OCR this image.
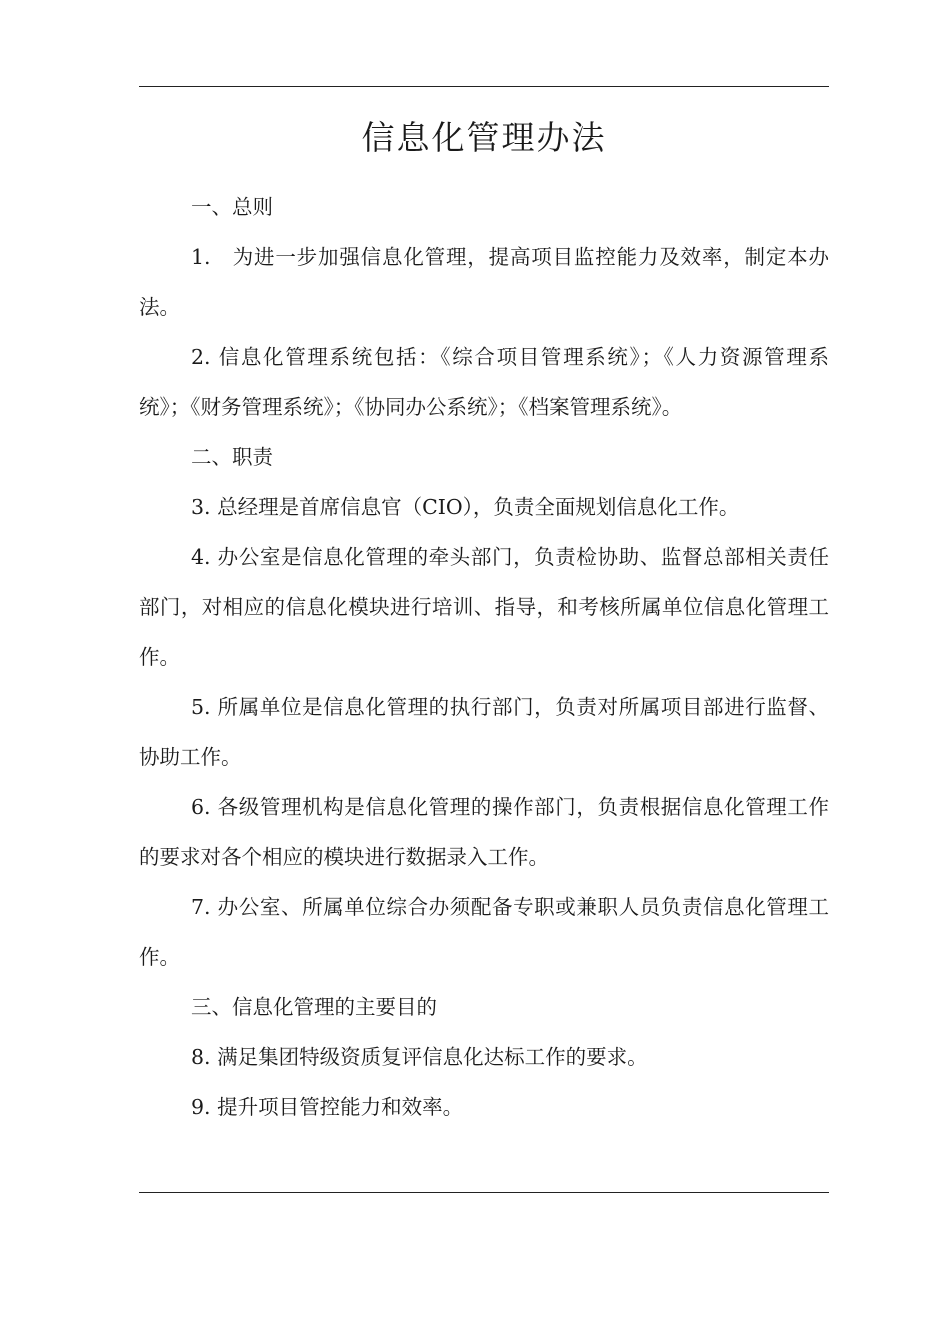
信息化管理办法

一、总则

1.　为进一步加强信息化管理，提高项目监控能力及效率，制定本办法。

2. 信息化管理系统包括：《综合项目管理系统》；《人力资源管理系统》；《财务管理系统》；《协同办公系统》；《档案管理系统》。

二、职责

3. 总经理是首席信息官（CIO），负责全面规划信息化工作。

4. 办公室是信息化管理的牵头部门，负责检协助、监督总部相关责任部门，对相应的信息化模块进行培训、指导，和考核所属单位信息化管理工作。

5. 所属单位是信息化管理的执行部门，负责对所属项目部进行监督、协助工作。

6. 各级管理机构是信息化管理的操作部门，负责根据信息化管理工作的要求对各个相应的模块进行数据录入工作。

7. 办公室、所属单位综合办须配备专职或兼职人员负责信息化管理工作。

三、信息化管理的主要目的

8. 满足集团特级资质复评信息化达标工作的要求。

9. 提升项目管控能力和效率。
